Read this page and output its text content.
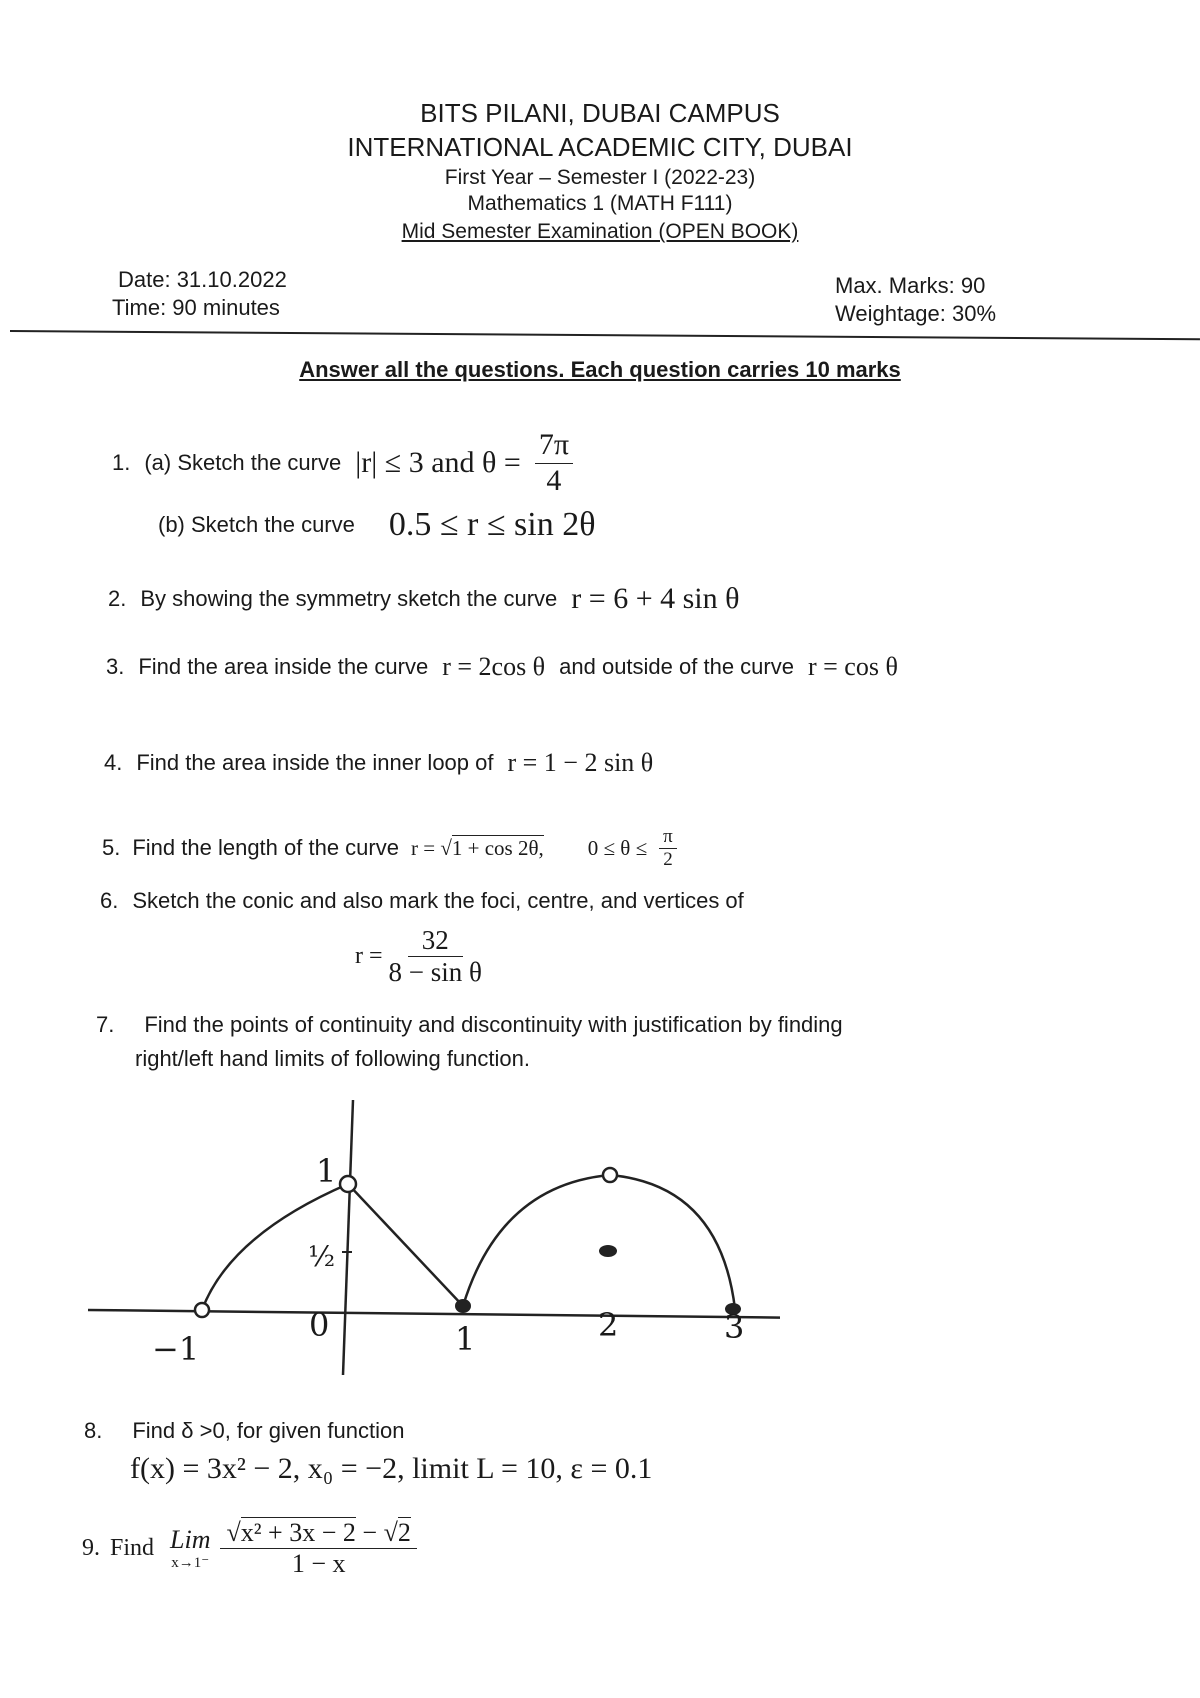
BITS PILANI, DUBAI CAMPUS
INTERNATIONAL ACADEMIC CITY, DUBAI
First Year – Semester I (2022-23)
Mathematics 1 (MATH F111)
Mid Semester Examination (OPEN BOOK)
Date: 31.10.2022
Time: 90 minutes
Max. Marks: 90
Weightage: 30%
Answer all the questions. Each question carries 10 marks
1. (a) Sketch the curve |r| ≤ 3 and $\theta = \frac{7\pi}{4}$
(b) Sketch the curve 0.5 ≤ r ≤ sin 2θ
2. By showing the symmetry sketch the curve r = 6 + 4 sin θ
3. Find the area inside the curve r = 2cos θ and outside of the curve r = cos θ
4. Find the area inside the inner loop of r = 1 − 2 sin θ
5. Find the length of the curve r = √1 + cos 2θ, $0 \le \theta \le \frac{\pi}{2}$
6. Sketch the conic and also mark the foci, centre, and vertices of
$r = \frac{32}{\text{8 − sin θ}}$
7. Find the points of continuity and discontinuity with justification by finding
right/left hand limits of following function.
1
½
0
−1	1	2	3
8. Find δ >0, for given function
f(x) = 3x² − 2, x₀ = −2, limit L = 10, ε = 0.1
9. Find Lim
$x\to 1^- \frac{\text{√x² + 3x − 2 − √2}}{1 - x}$
